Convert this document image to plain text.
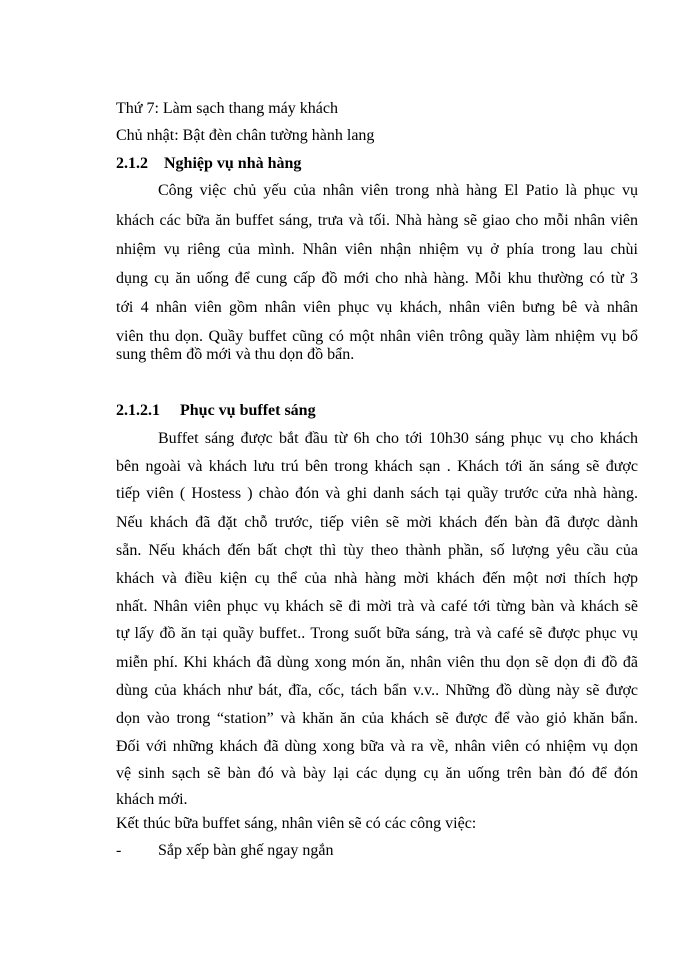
Thứ 7: Làm sạch thang máy khách
Chủ nhật: Bật đèn chân tường hành lang
2.1.2 Nghiệp vụ nhà hàng
Công việc chủ yếu của nhân viên trong nhà hàng El Patio là phục vụ
khách các bữa ăn buffet sáng, trưa và tối. Nhà hàng sẽ giao cho mỗi nhân viên
nhiệm vụ riêng của mình. Nhân viên nhận nhiệm vụ ở phía trong lau chùi
dụng cụ ăn uống để cung cấp đồ mới cho nhà hàng. Mỗi khu thường có từ 3
tới 4 nhân viên gồm nhân viên phục vụ khách, nhân viên bưng bê và nhân
viên thu dọn. Quầy buffet cũng có một nhân viên trông quầy làm nhiệm vụ bổ
sung thêm đồ mới và thu dọn đồ bẩn.
2.1.2.1 Phục vụ buffet sáng
Buffet sáng được bắt đầu từ 6h cho tới 10h30 sáng phục vụ cho khách
bên ngoài và khách lưu trú bên trong khách sạn . Khách tới ăn sáng sẽ được
tiếp viên ( Hostess ) chào đón và ghi danh sách tại quầy trước cửa nhà hàng.
Nếu khách đã đặt chỗ trước, tiếp viên sẽ mời khách đến bàn đã được dành
sẵn. Nếu khách đến bất chợt thì tùy theo thành phần, số lượng yêu cầu của
khách và điều kiện cụ thể của nhà hàng mời khách đến một nơi thích hợp
nhất. Nhân viên phục vụ khách sẽ đi mời trà và café tới từng bàn và khách sẽ
tự lấy đồ ăn tại quầy buffet.. Trong suốt bữa sáng, trà và café sẽ được phục vụ
miễn phí. Khi khách đã dùng xong món ăn, nhân viên thu dọn sẽ dọn đi đồ đã
dùng của khách như bát, đĩa, cốc, tách bẩn v.v.. Những đồ dùng này sẽ được
dọn vào trong “station” và khăn ăn của khách sẽ được để vào giỏ khăn bẩn.
Đối với những khách đã dùng xong bữa và ra về, nhân viên có nhiệm vụ dọn
vệ sinh sạch sẽ bàn đó và bày lại các dụng cụ ăn uống trên bàn đó để đón
khách mới.
Kết thúc bữa buffet sáng, nhân viên sẽ có các công việc:
- Sắp xếp bàn ghế ngay ngắn
